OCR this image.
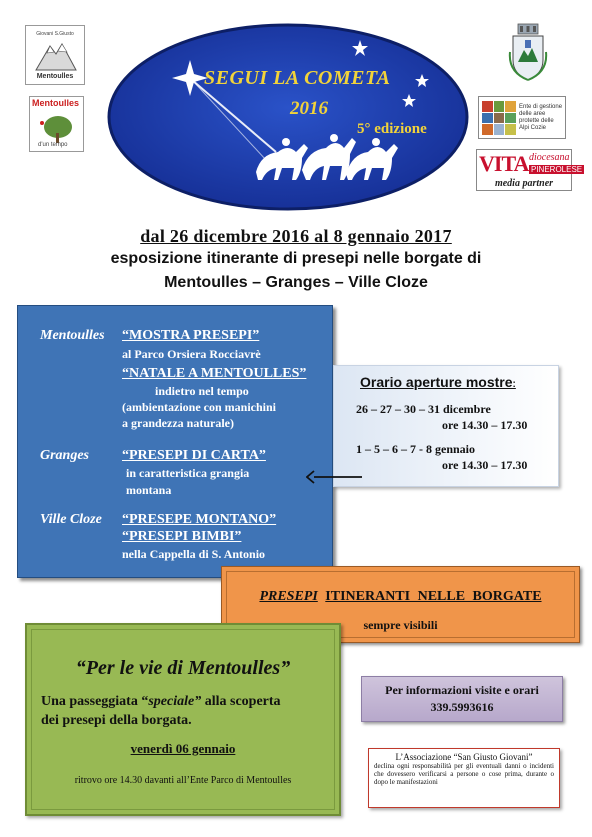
Giovani S.Giusto
Mentoulles
Mentoulles
d'un tempo
Ente di gestione delle aree protette delle Alpi Cozie
VITA diocesana
PINEROLESE
media partner
SEGUI LA COMETA
2016
5° edizione
dal 26 dicembre 2016 al 8 gennaio 2017
esposizione itinerante di presepi nelle borgate di
Mentoulles – Granges – Ville Cloze
Mentoulles “MOSTRA PRESEPI”
al Parco Orsiera Rocciavrè
“NATALE A MENTOULLES”
indietro nel tempo
(ambientazione con manichini
a grandezza naturale)
Granges “PRESEPI DI CARTA”
in caratteristica grangia
montana
Ville Cloze “PRESEPE MONTANO”
“PRESEPI BIMBI”
nella Cappella di S. Antonio
Orario aperture mostre:
26 – 27 – 30 – 31 dicembre
ore 14.30 – 17.30
1 – 5 – 6 – 7 - 8 gennaio
ore 14.30 – 17.30
PRESEPI ITINERANTI NELLE BORGATE
sempre visibili
“Per le vie di Mentoulles”
Una passeggiata “speciale” alla scoperta
dei presepi della borgata.
venerdì 06 gennaio
ritrovo ore 14.30 davanti all’Ente Parco di Mentoulles
Per informazioni visite e orari
339.5993616
L’Associazione “San Giusto Giovani”
declina ogni responsabilità per gli eventuali danni o incidenti che dovessero verificarsi a persone o cose prima, durante o dopo le manifestazioni
